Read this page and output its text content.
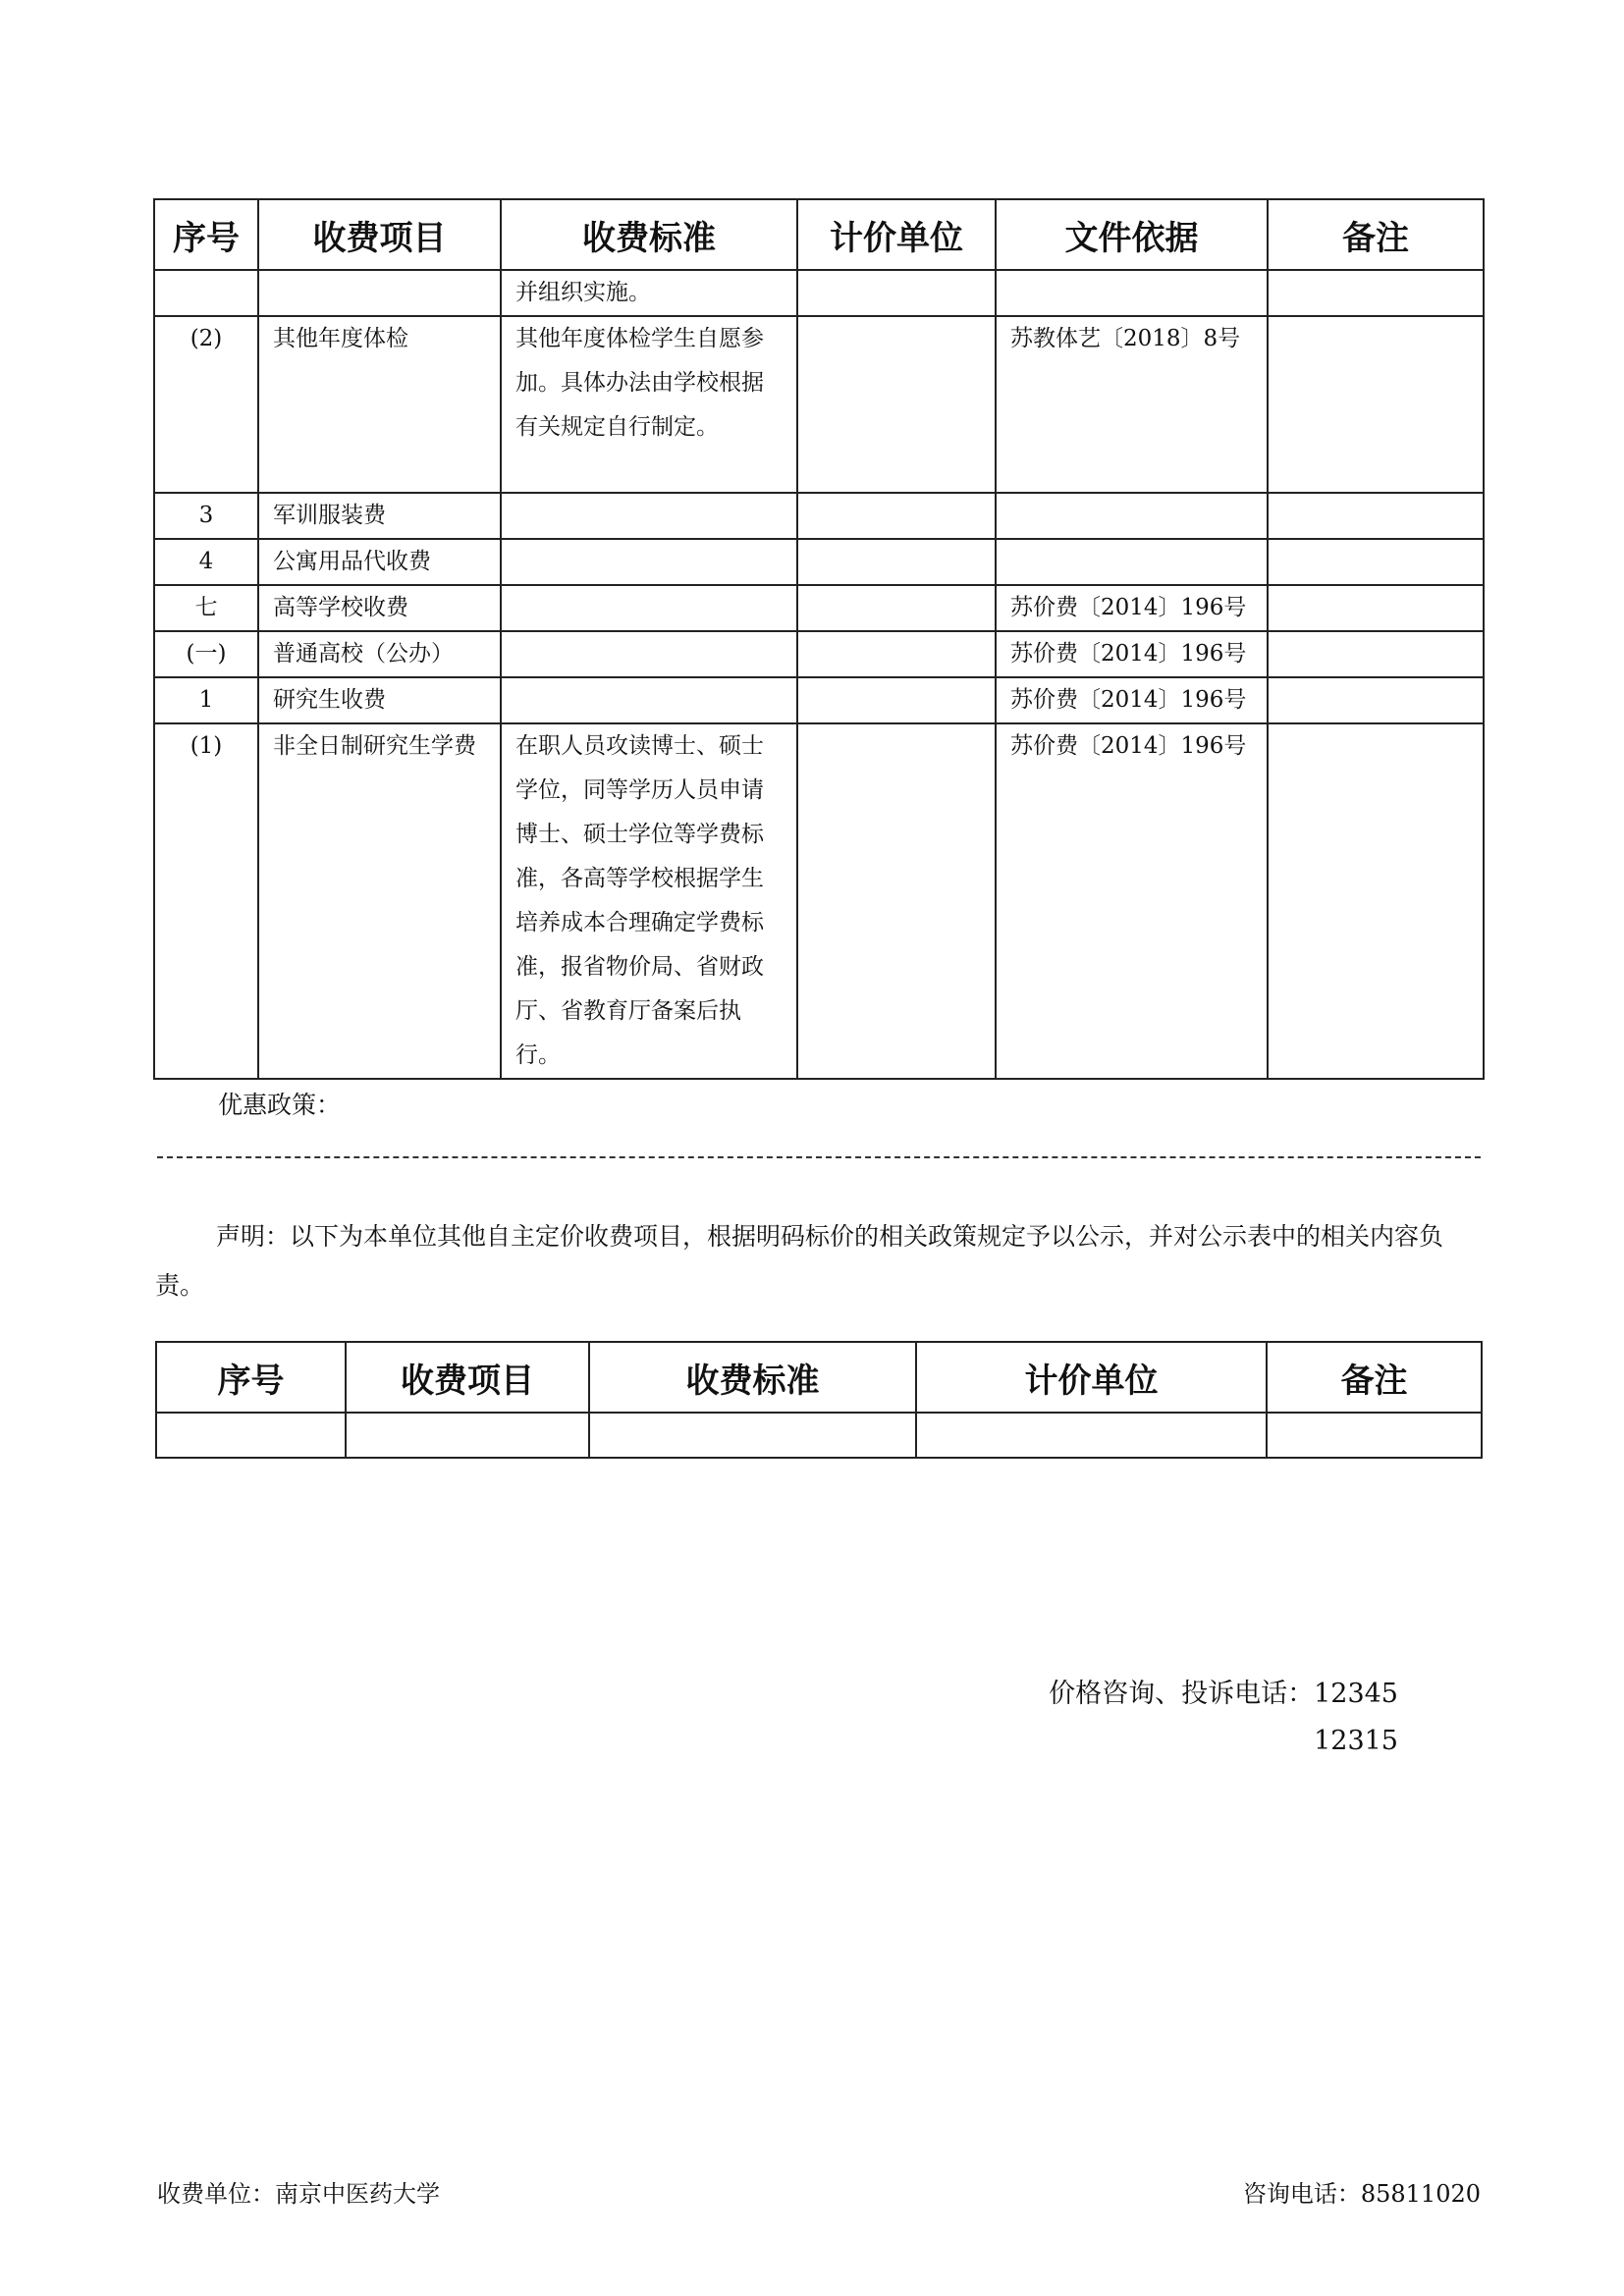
序号	收费项目	收费标准	计价单位	文件依据	备注
		并组织实施。			
(2)	其他年度体检	其他年度体检学生自愿参加。具体办法由学校根据有关规定自行制定。		苏教体艺〔2018〕8号	
3	军训服装费				
4	公寓用品代收费				
七	高等学校收费			苏价费〔2014〕196号	
(一)	普通高校（公办）			苏价费〔2014〕196号	
1	研究生收费			苏价费〔2014〕196号	
(1)	非全日制研究生学费	在职人员攻读博士、硕士学位，同等学历人员申请博士、硕士学位等学费标准，各高等学校根据学生培养成本合理确定学费标准，报省物价局、省财政厅、省教育厅备案后执行。		苏价费〔2014〕196号	
优惠政策：
声明：以下为本单位其他自主定价收费项目，根据明码标价的相关政策规定予以公示，并对公示表中的相关内容负责。
序号	收费项目	收费标准	计价单位	备注

价格咨询、投诉电话：12345
12315
收费单位：南京中医药大学	咨询电话：85811020
